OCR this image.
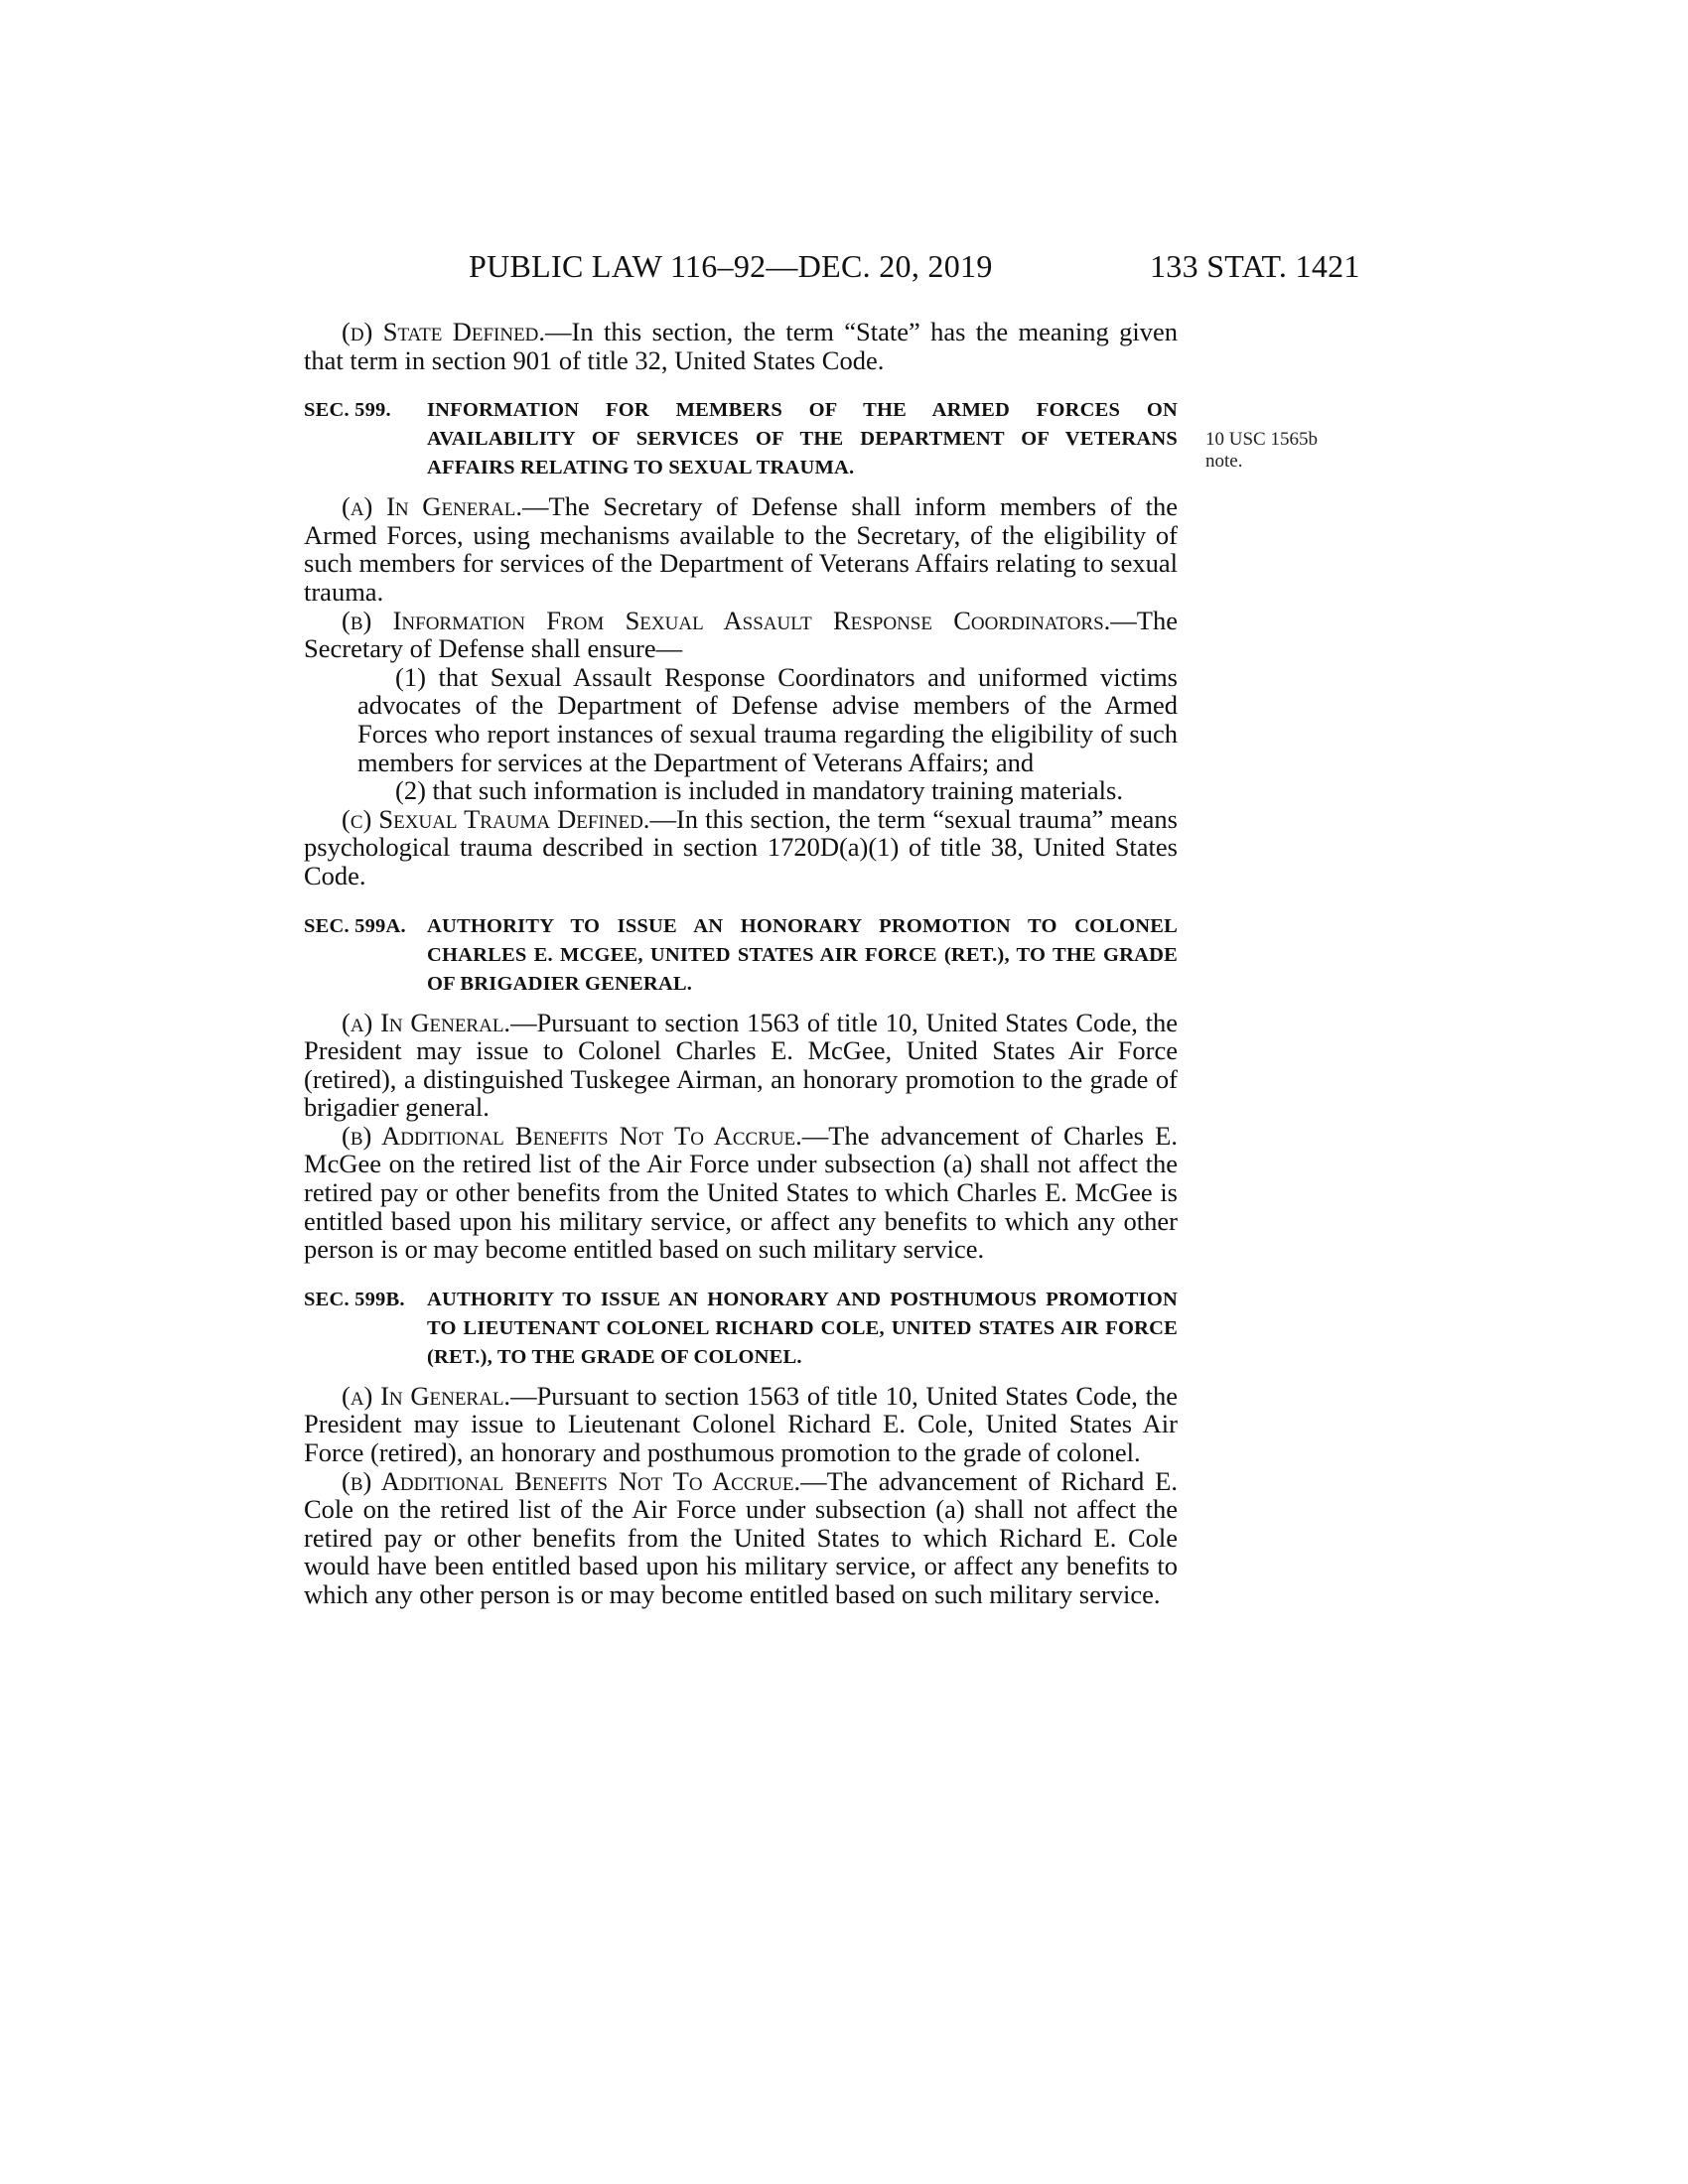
PUBLIC LAW 116–92—DEC. 20, 2019	133 STAT. 1421
10 USC 1565b
note.

(d) State Defined.—In this section, the term “State” has the meaning given that term in section 901 of title 32, United States Code.

SEC. 599.	INFORMATION FOR MEMBERS OF THE ARMED FORCES ON AVAILABILITY OF SERVICES OF THE DEPARTMENT OF VETERANS AFFAIRS RELATING TO SEXUAL TRAUMA.

(a) In General.—The Secretary of Defense shall inform members of the Armed Forces, using mechanisms available to the Secretary, of the eligibility of such members for services of the Department of Veterans Affairs relating to sexual trauma.

(b) Information From Sexual Assault Response Coordinators.—The Secretary of Defense shall ensure—

(1) that Sexual Assault Response Coordinators and uniformed victims advocates of the Department of Defense advise members of the Armed Forces who report instances of sexual trauma regarding the eligibility of such members for services at the Department of Veterans Affairs; and

(2) that such information is included in mandatory training materials.

(c) Sexual Trauma Defined.—In this section, the term “sexual trauma” means psychological trauma described in section 1720D(a)(1) of title 38, United States Code.

SEC. 599A.	AUTHORITY TO ISSUE AN HONORARY PROMOTION TO COLONEL CHARLES E. MCGEE, UNITED STATES AIR FORCE (RET.), TO THE GRADE OF BRIGADIER GENERAL.

(a) In General.—Pursuant to section 1563 of title 10, United States Code, the President may issue to Colonel Charles E. McGee, United States Air Force (retired), a distinguished Tuskegee Airman, an honorary promotion to the grade of brigadier general.

(b) Additional Benefits Not To Accrue.—The advancement of Charles E. McGee on the retired list of the Air Force under subsection (a) shall not affect the retired pay or other benefits from the United States to which Charles E. McGee is entitled based upon his military service, or affect any benefits to which any other person is or may become entitled based on such military service.

SEC. 599B.	AUTHORITY TO ISSUE AN HONORARY AND POSTHUMOUS PROMOTION TO LIEUTENANT COLONEL RICHARD COLE, UNITED STATES AIR FORCE (RET.), TO THE GRADE OF COLONEL.

(a) In General.—Pursuant to section 1563 of title 10, United States Code, the President may issue to Lieutenant Colonel Richard E. Cole, United States Air Force (retired), an honorary and posthumous promotion to the grade of colonel.

(b) Additional Benefits Not To Accrue.—The advancement of Richard E. Cole on the retired list of the Air Force under subsection (a) shall not affect the retired pay or other benefits from the United States to which Richard E. Cole would have been entitled based upon his military service, or affect any benefits to which any other person is or may become entitled based on such military service.
